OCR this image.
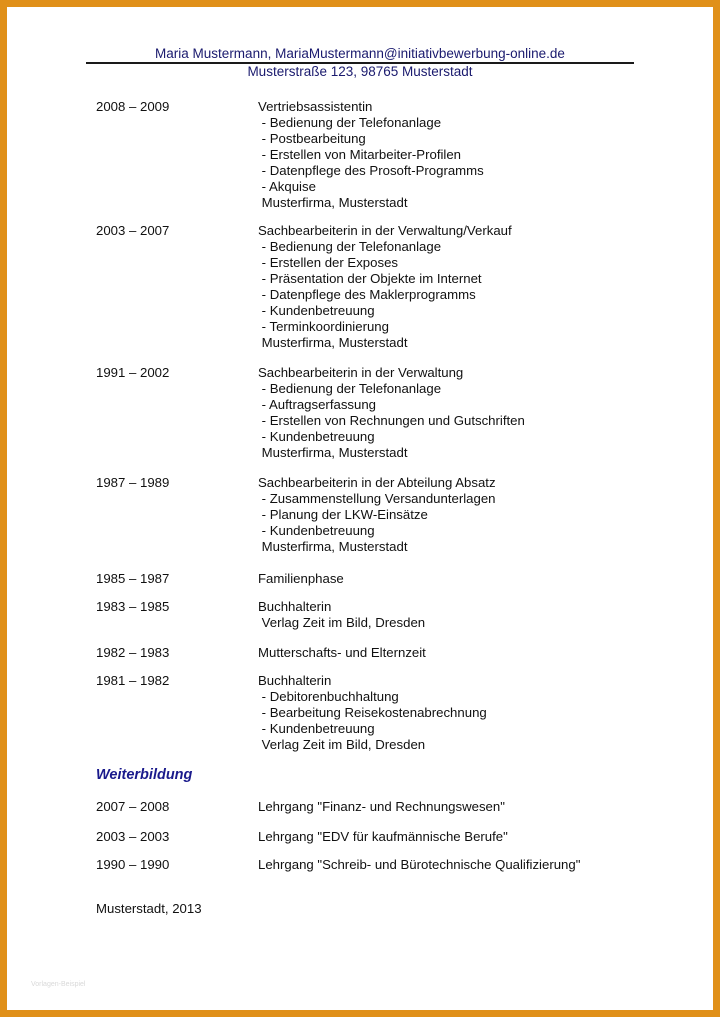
Maria Mustermann, MariaMustermann@initiativbewerbung-online.de
Musterstraße 123, 98765 Musterstadt
2008 – 2009	Vertriebsassistentin
- Bedienung der Telefonanlage
- Postbearbeitung
- Erstellen von Mitarbeiter-Profilen
- Datenpflege des Prosoft-Programms
- Akquise
Musterfirma, Musterstadt
2003 – 2007	Sachbearbeiterin in der Verwaltung/Verkauf
- Bedienung der Telefonanlage
- Erstellen der Exposes
- Präsentation der Objekte im Internet
- Datenpflege des Maklerprogramms
- Kundenbetreuung
- Terminkoordinierung
Musterfirma, Musterstadt
1991 – 2002	Sachbearbeiterin in der Verwaltung
- Bedienung der Telefonanlage
- Auftragserfassung
- Erstellen von Rechnungen und Gutschriften
- Kundenbetreuung
Musterfirma, Musterstadt
1987 – 1989	Sachbearbeiterin in der Abteilung Absatz
- Zusammenstellung Versandunterlagen
- Planung der LKW-Einsätze
- Kundenbetreuung
Musterfirma, Musterstadt
1985 – 1987	Familienphase
1983 – 1985	Buchhalterin
Verlag Zeit im Bild, Dresden
1982 – 1983	Mutterschafts- und Elternzeit
1981 – 1982	Buchhalterin
- Debitorenbuchhaltung
- Bearbeitung Reisekostenabrechnung
- Kundenbetreuung
Verlag Zeit im Bild, Dresden
Weiterbildung
2007 – 2008	Lehrgang "Finanz- und Rechnungswesen"
2003 – 2003	Lehrgang "EDV für kaufmännische Berufe"
1990 – 1990	Lehrgang "Schreib- und Bürotechnische Qualifizierung"
Musterstadt, 2013
Vorlagen-Beispiel
